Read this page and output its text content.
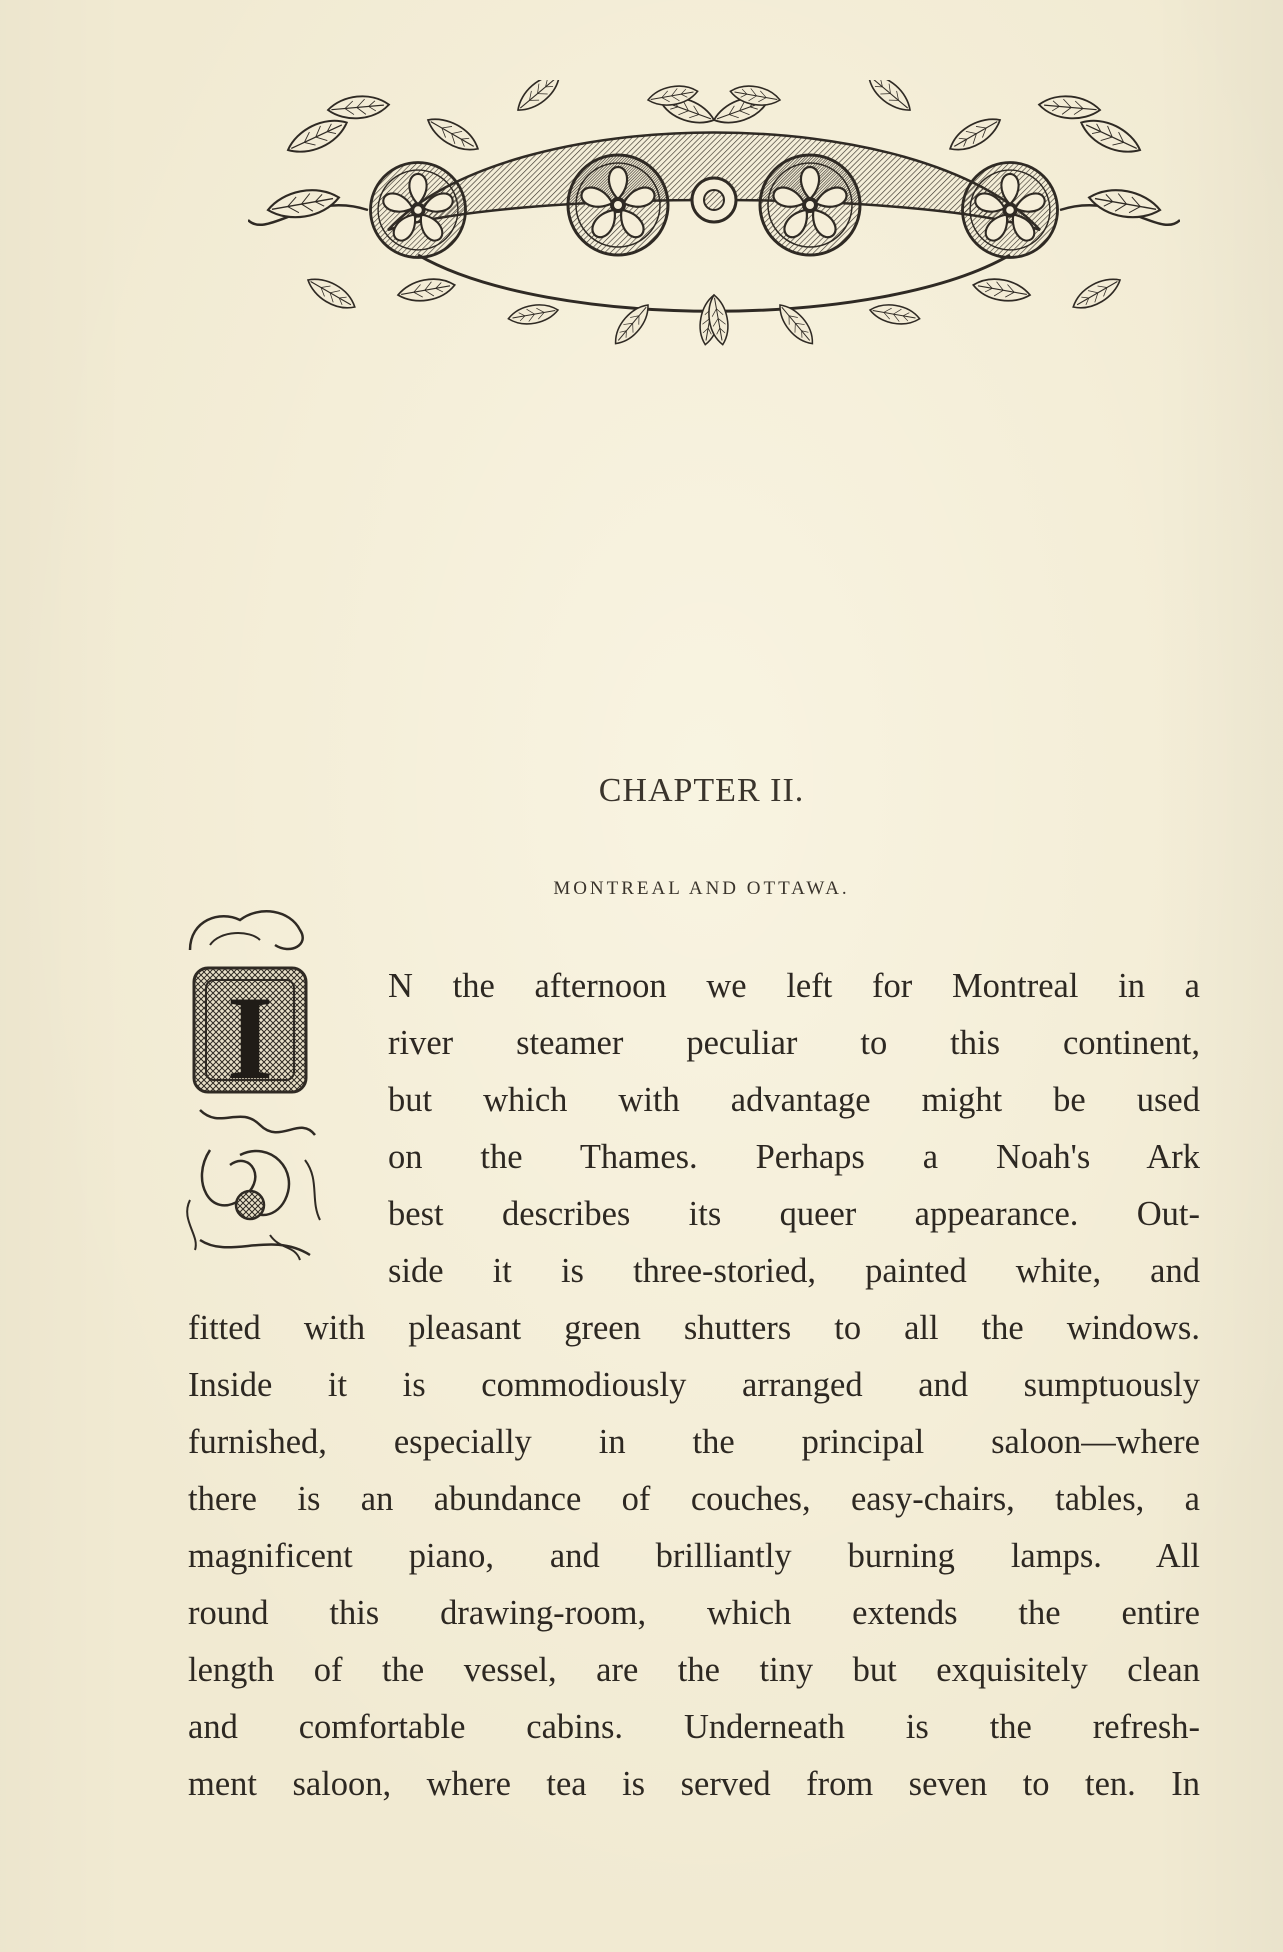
CHAPTER II.
MONTREAL AND OTTAWA.
I	N the afternoon we left for Montreal in a
river steamer peculiar to this continent,
but which with advantage might be used
on the Thames. Perhaps a Noah's Ark
best describes its queer appearance. Out-
side it is three-storied, painted white, and
fitted with pleasant green shutters to all the windows.
Inside it is commodiously arranged and sumptuously
furnished, especially in the principal saloon—where
there is an abundance of couches, easy-chairs, tables, a
magnificent piano, and brilliantly burning lamps. All
round this drawing-room, which extends the entire
length of the vessel, are the tiny but exquisitely clean
and comfortable cabins. Underneath is the refresh-
ment saloon, where tea is served from seven to ten. In
